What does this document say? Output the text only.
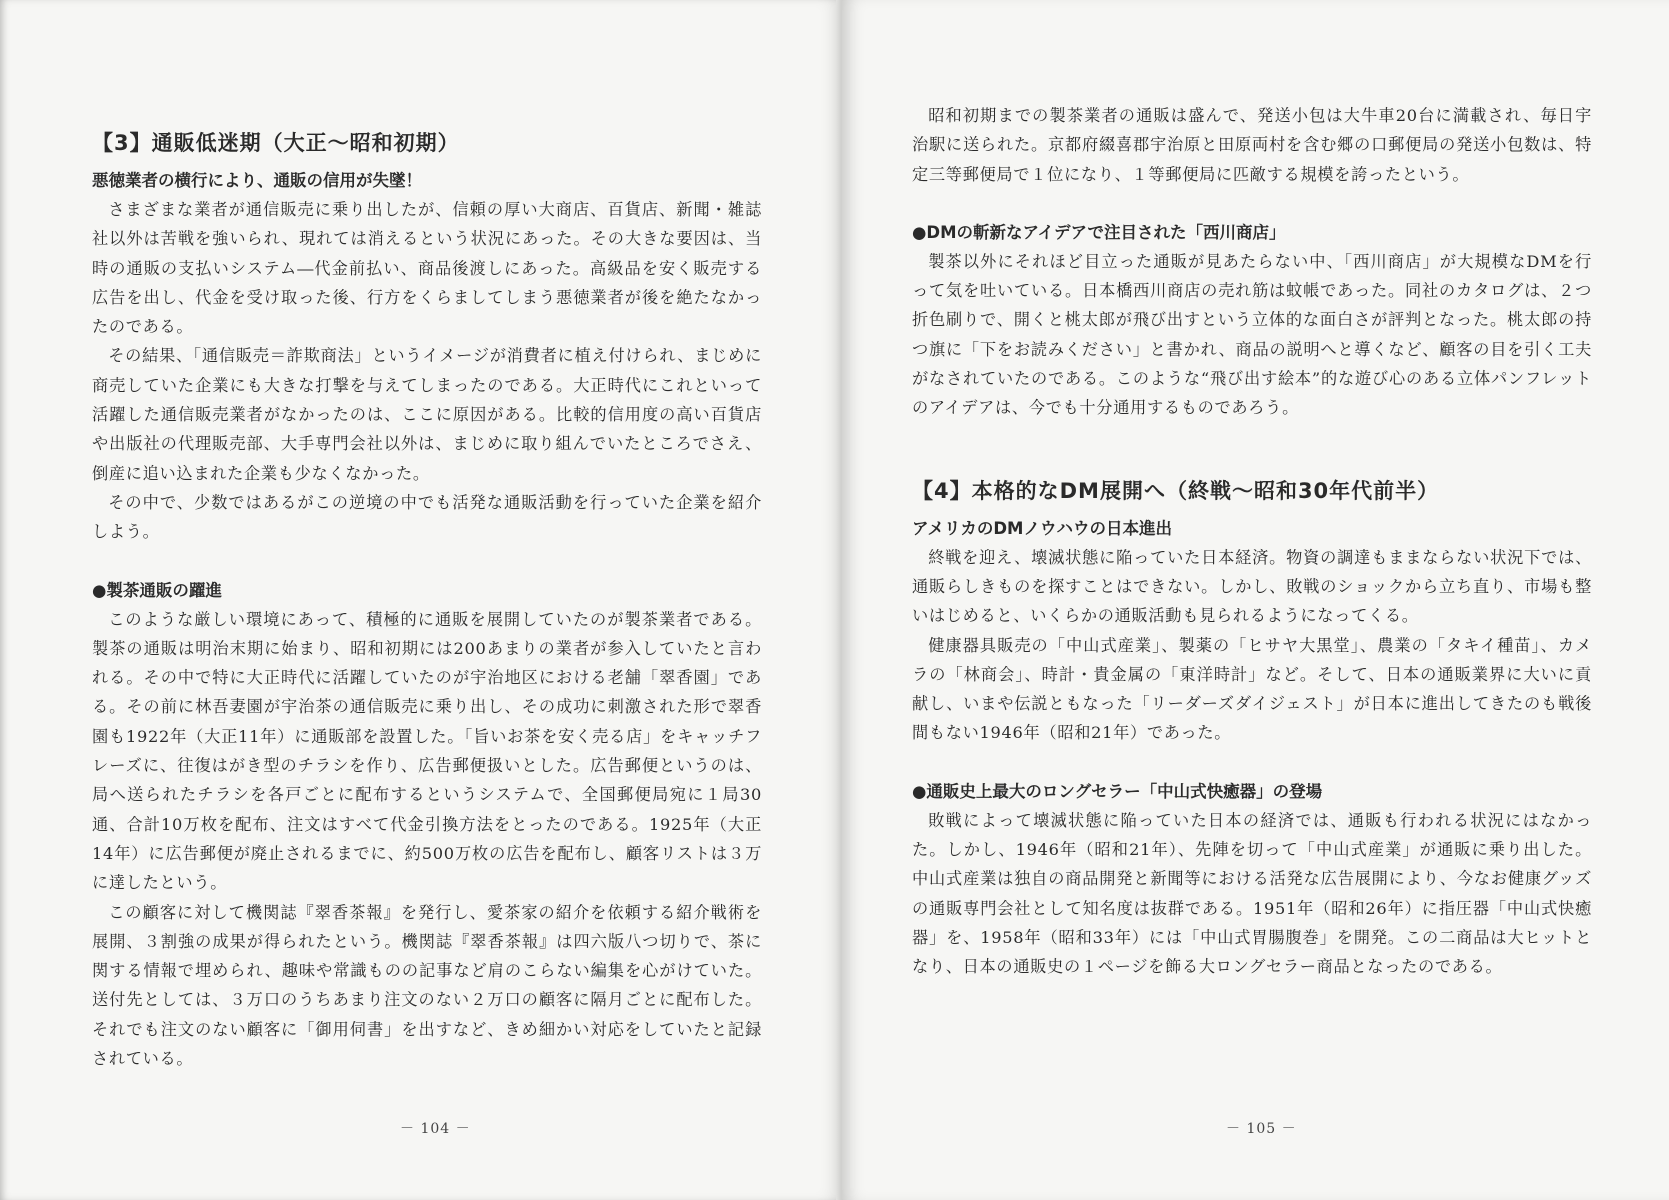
【3】通販低迷期（大正〜昭和初期）
悪徳業者の横行により、通販の信用が失墜！

さまざまな業者が通信販売に乗り出したが、信頼の厚い大商店、百貨店、新聞・雑誌社以外は苦戦を強いられ、現れては消えるという状況にあった。その大きな要因は、当時の通販の支払いシステム―代金前払い、商品後渡しにあった。高級品を安く販売する広告を出し、代金を受け取った後、行方をくらましてしまう悪徳業者が後を絶たなかったのである。

その結果、「通信販売＝詐欺商法」というイメージが消費者に植え付けられ、まじめに商売していた企業にも大きな打撃を与えてしまったのである。大正時代にこれといって活躍した通信販売業者がなかったのは、ここに原因がある。比較的信用度の高い百貨店や出版社の代理販売部、大手専門会社以外は、まじめに取り組んでいたところでさえ、倒産に追い込まれた企業も少なくなかった。

その中で、少数ではあるがこの逆境の中でも活発な通販活動を行っていた企業を紹介しよう。

●製茶通販の躍進

このような厳しい環境にあって、積極的に通販を展開していたのが製茶業者である。製茶の通販は明治末期に始まり、昭和初期には200あまりの業者が参入していたと言われる。その中で特に大正時代に活躍していたのが宇治地区における老舗「翠香園」である。その前に林吾妻園が宇治茶の通信販売に乗り出し、その成功に刺激された形で翠香園も1922年（大正11年）に通販部を設置した。「旨いお茶を安く売る店」をキャッチフレーズに、往復はがき型のチラシを作り、広告郵便扱いとした。広告郵便というのは、局へ送られたチラシを各戸ごとに配布するというシステムで、全国郵便局宛に１局30通、合計10万枚を配布、注文はすべて代金引換方法をとったのである。1925年（大正14年）に広告郵便が廃止されるまでに、約500万枚の広告を配布し、顧客リストは３万に達したという。

この顧客に対して機関誌『翠香茶報』を発行し、愛茶家の紹介を依頼する紹介戦術を展開、３割強の成果が得られたという。機関誌『翠香茶報』は四六版八つ切りで、茶に関する情報で埋められ、趣味や常識ものの記事など肩のこらない編集を心がけていた。送付先としては、３万口のうちあまり注文のない２万口の顧客に隔月ごとに配布した。それでも注文のない顧客に「御用伺書」を出すなど、きめ細かい対応をしていたと記録されている。

－ 104 －

昭和初期までの製茶業者の通販は盛んで、発送小包は大牛車20台に満載され、毎日宇治駅に送られた。京都府綴喜郡宇治原と田原両村を含む郷の口郵便局の発送小包数は、特定三等郵便局で１位になり、１等郵便局に匹敵する規模を誇ったという。

●DMの斬新なアイデアで注目された「西川商店」

製茶以外にそれほど目立った通販が見あたらない中、「西川商店」が大規模なDMを行って気を吐いている。日本橋西川商店の売れ筋は蚊帳であった。同社のカタログは、２つ折色刷りで、開くと桃太郎が飛び出すという立体的な面白さが評判となった。桃太郎の持つ旗に「下をお読みください」と書かれ、商品の説明へと導くなど、顧客の目を引く工夫がなされていたのである。このような“飛び出す絵本”的な遊び心のある立体パンフレットのアイデアは、今でも十分通用するものであろう。

【4】本格的なDM展開へ（終戦〜昭和30年代前半）
アメリカのDMノウハウの日本進出

終戦を迎え、壊滅状態に陥っていた日本経済。物資の調達もままならない状況下では、通販らしきものを探すことはできない。しかし、敗戦のショックから立ち直り、市場も整いはじめると、いくらかの通販活動も見られるようになってくる。

健康器具販売の「中山式産業」、製薬の「ヒサヤ大黒堂」、農業の「タキイ種苗」、カメラの「林商会」、時計・貴金属の「東洋時計」など。そして、日本の通販業界に大いに貢献し、いまや伝説ともなった「リーダーズダイジェスト」が日本に進出してきたのも戦後間もない1946年（昭和21年）であった。

●通販史上最大のロングセラー「中山式快癒器」の登場

敗戦によって壊滅状態に陥っていた日本の経済では、通販も行われる状況にはなかった。しかし、1946年（昭和21年）、先陣を切って「中山式産業」が通販に乗り出した。中山式産業は独自の商品開発と新聞等における活発な広告展開により、今なお健康グッズの通販専門会社として知名度は抜群である。1951年（昭和26年）に指圧器「中山式快癒器」を、1958年（昭和33年）には「中山式胃腸腹巻」を開発。この二商品は大ヒットとなり、日本の通販史の１ページを飾る大ロングセラー商品となったのである。

－ 105 －
